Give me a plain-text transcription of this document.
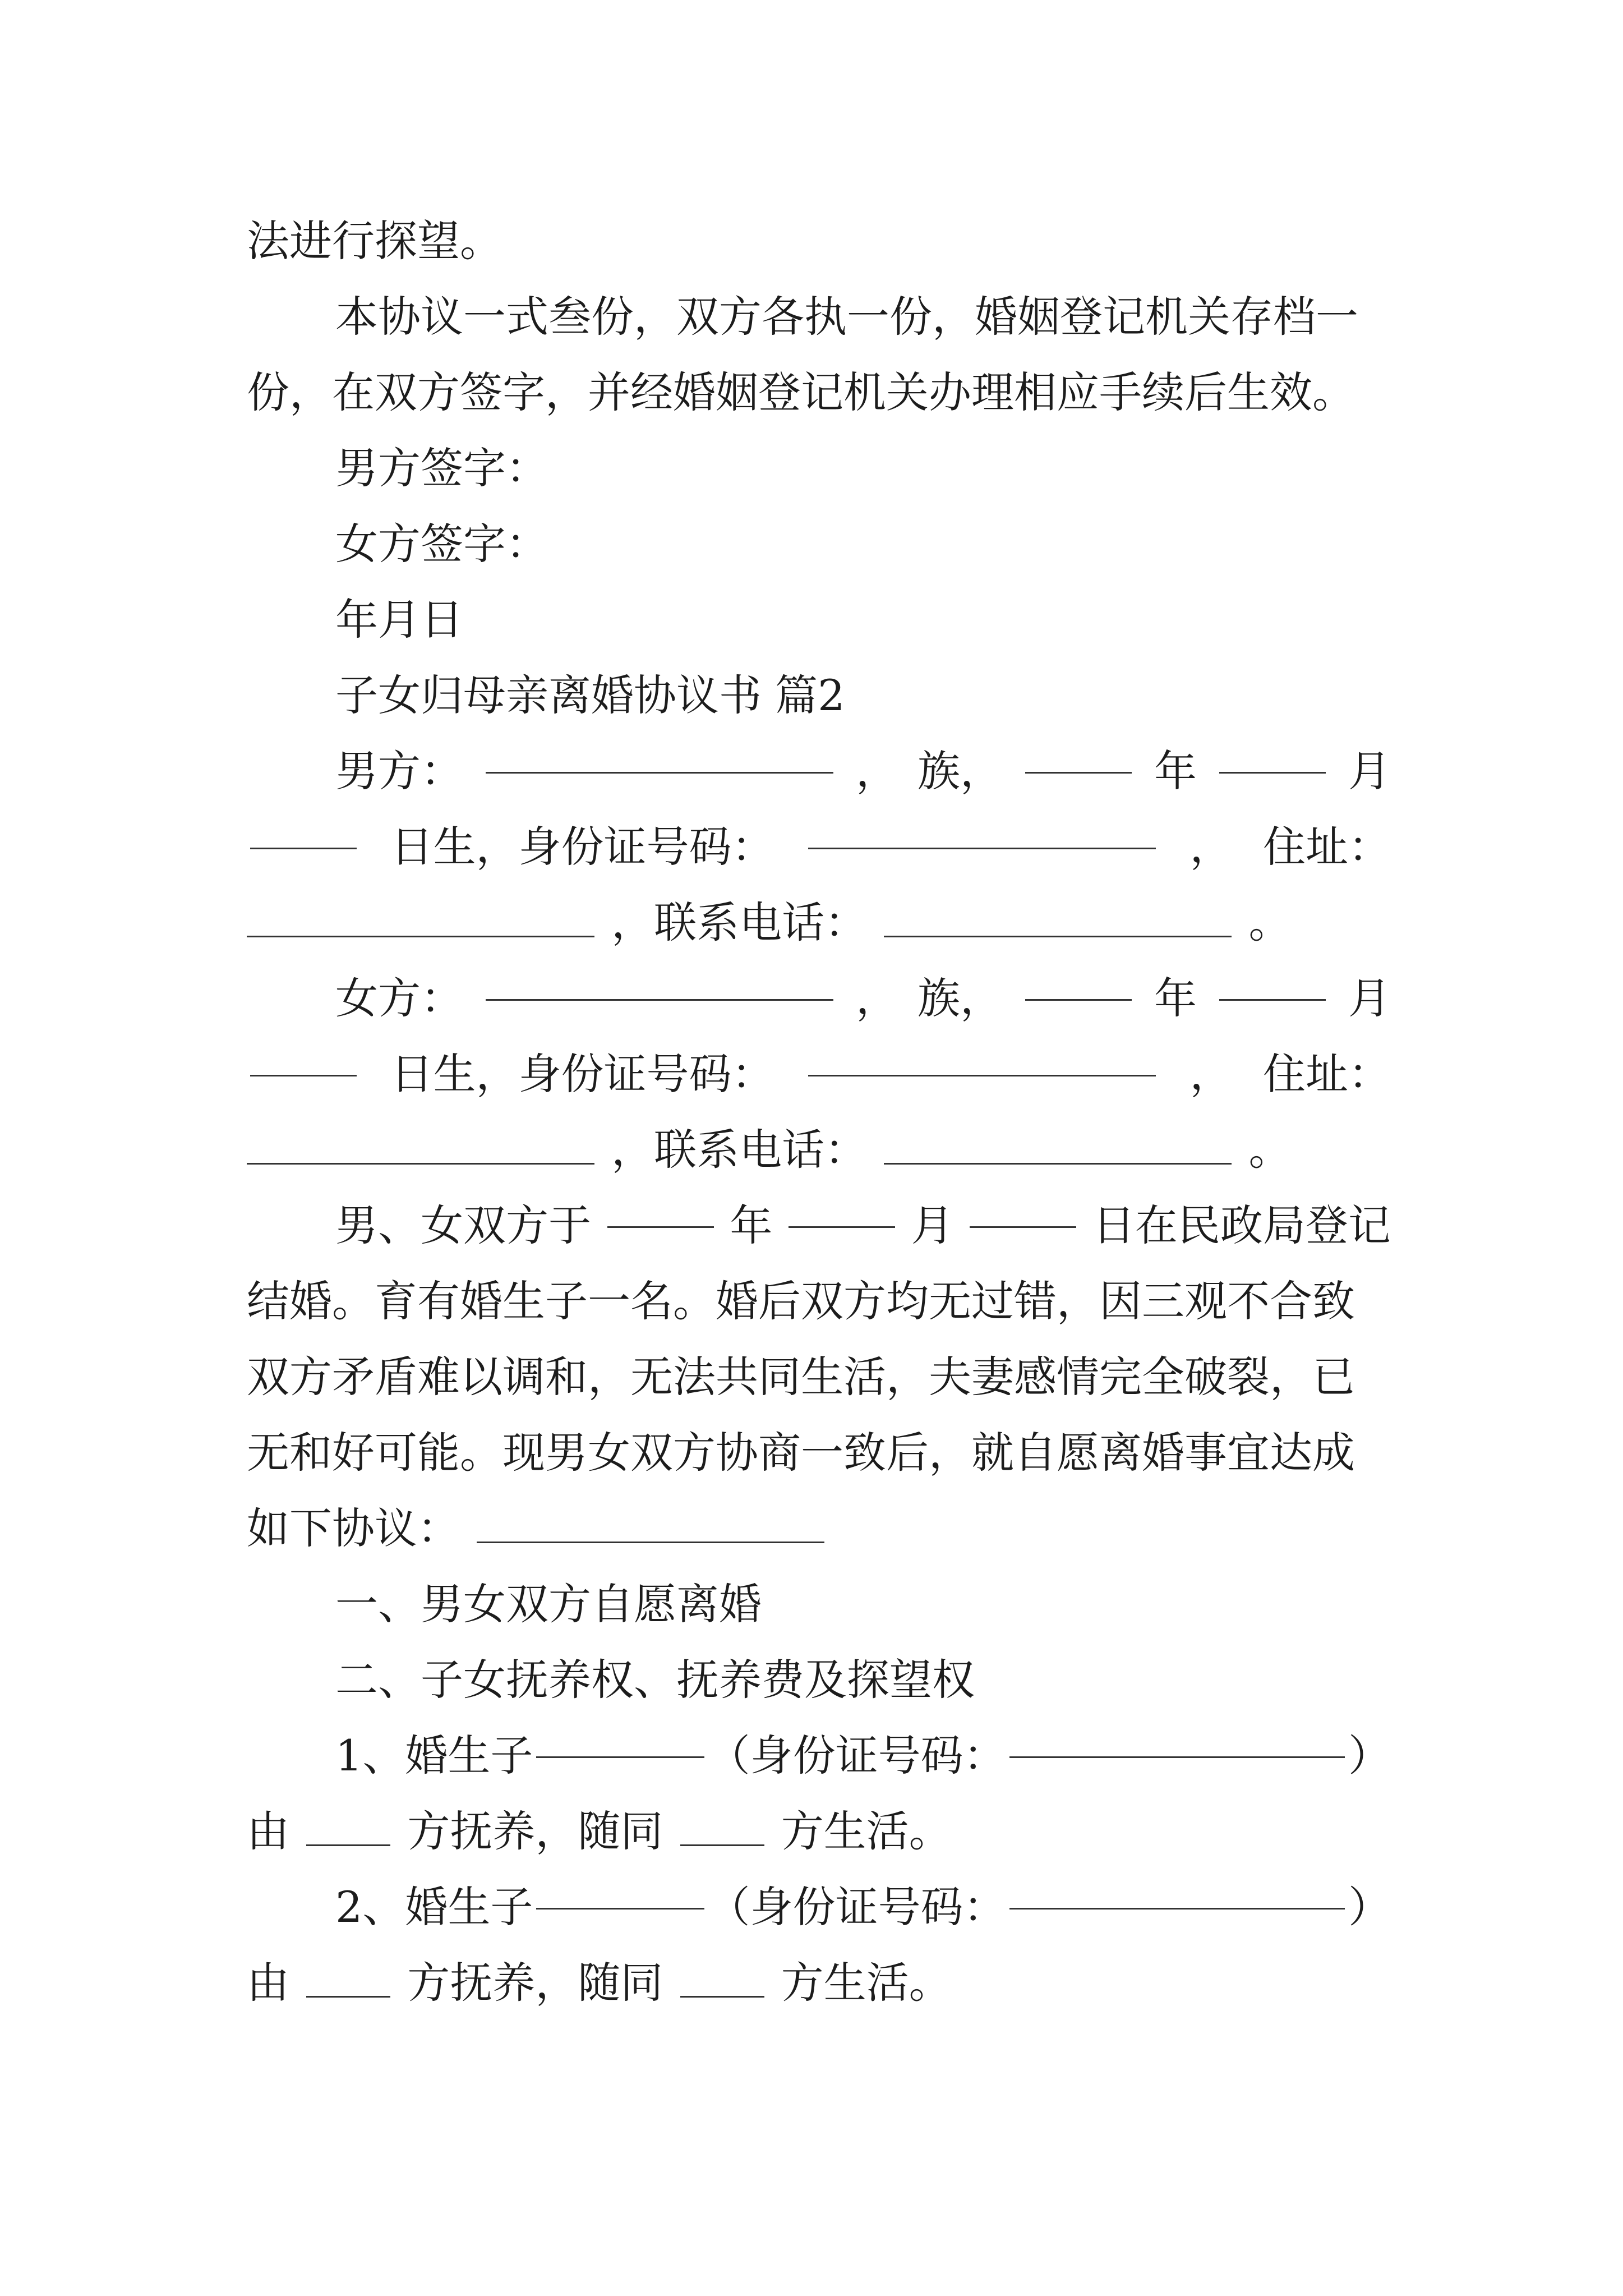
法进行探望。
本协议一式叁份，双方各执一份，婚姻登记机关存档一
份，在双方签字，并经婚姻登记机关办理相应手续后生效。
男方签字：
女方签字：
年月日
子女归母亲离婚协议书 篇2
男方：	， 族，	年	月
日生，身份证号码：	， 住址：
，联系电话：	。
女方：	， 族，	年	月
日生，身份证号码：	， 住址：
，联系电话：	。
男、女双方于	年	月	日在民政局登记
结婚。育有婚生子一名。婚后双方均无过错，因三观不合致
双方矛盾难以调和，无法共同生活，夫妻感情完全破裂，已
无和好可能。现男女双方协商一致后，就自愿离婚事宜达成
如下协议：
一、男女双方自愿离婚
二、子女抚养权、抚养费及探望权
1、婚生子	（身份证号码：	）
由	方抚养，随同	方生活。
2、婚生子	（身份证号码：	）
由	方抚养，随同	方生活。
